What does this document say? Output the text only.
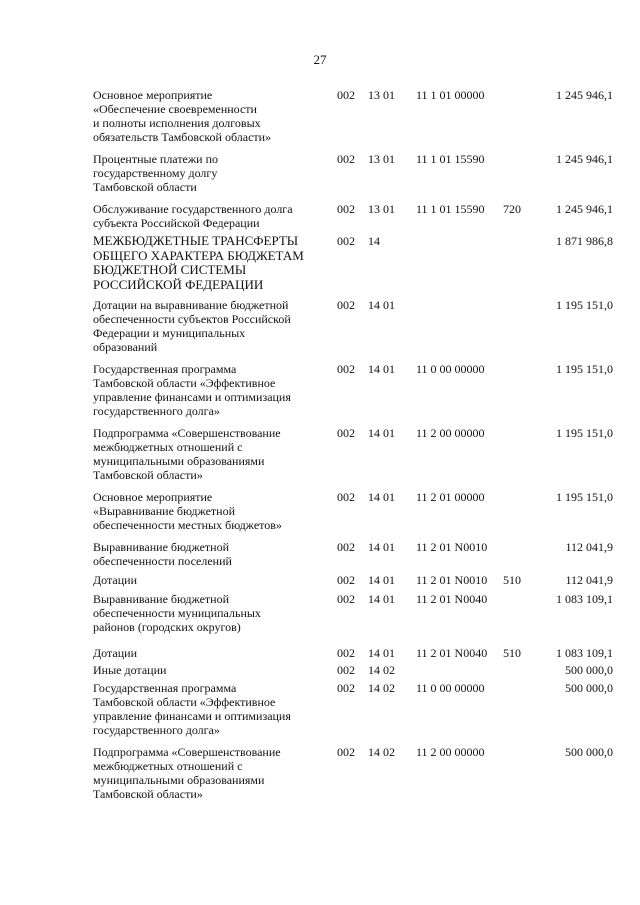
27
Основное мероприятие
«Обеспечение своевременности
и полноты исполнения долговых
обязательств Тамбовской области»
002 13 01 11 1 01 00000	1 245 946,1
Процентные платежи по
государственному долгу
Тамбовской области
002 13 01 11 1 01 15590	1 245 946,1
Обслуживание государственного долга
субъекта Российской Федерации
002 13 01 11 1 01 15590 720	1 245 946,1
МЕЖБЮДЖЕТНЫЕ ТРАНСФЕРТЫ
ОБЩЕГО ХАРАКТЕРА БЮДЖЕТАМ
БЮДЖЕТНОЙ СИСТЕМЫ
РОССИЙСКОЙ ФЕДЕРАЦИИ
002 14	1 871 986,8
Дотации на выравнивание бюджетной
обеспеченности субъектов Российской
Федерации и муниципальных
образований
002 14 01	1 195 151,0
Государственная программа
Тамбовской области «Эффективное
управление финансами и оптимизация
государственного долга»
002 14 01 11 0 00 00000	1 195 151,0
Подпрограмма «Совершенствование
межбюджетных отношений с
муниципальными образованиями
Тамбовской области»
002 14 01 11 2 00 00000	1 195 151,0
Основное мероприятие
«Выравнивание бюджетной
обеспеченности местных бюджетов»
002 14 01 11 2 01 00000	1 195 151,0
Выравнивание бюджетной
обеспеченности поселений
002 14 01 11 2 01 N0010	112 041,9
Дотации	002 14 01 11 2 01 N0010 510	112 041,9
Выравнивание бюджетной
обеспеченности муниципальных
районов (городских округов)
002 14 01 11 2 01 N0040	1 083 109,1
Дотации	002 14 01 11 2 01 N0040 510	1 083 109,1
Иные дотации	002 14 02	500 000,0
Государственная программа
Тамбовской области «Эффективное
управление финансами и оптимизация
государственного долга»
002 14 02 11 0 00 00000	500 000,0
Подпрограмма «Совершенствование
межбюджетных отношений с
муниципальными образованиями
Тамбовской области»
002 14 02 11 2 00 00000	500 000,0
